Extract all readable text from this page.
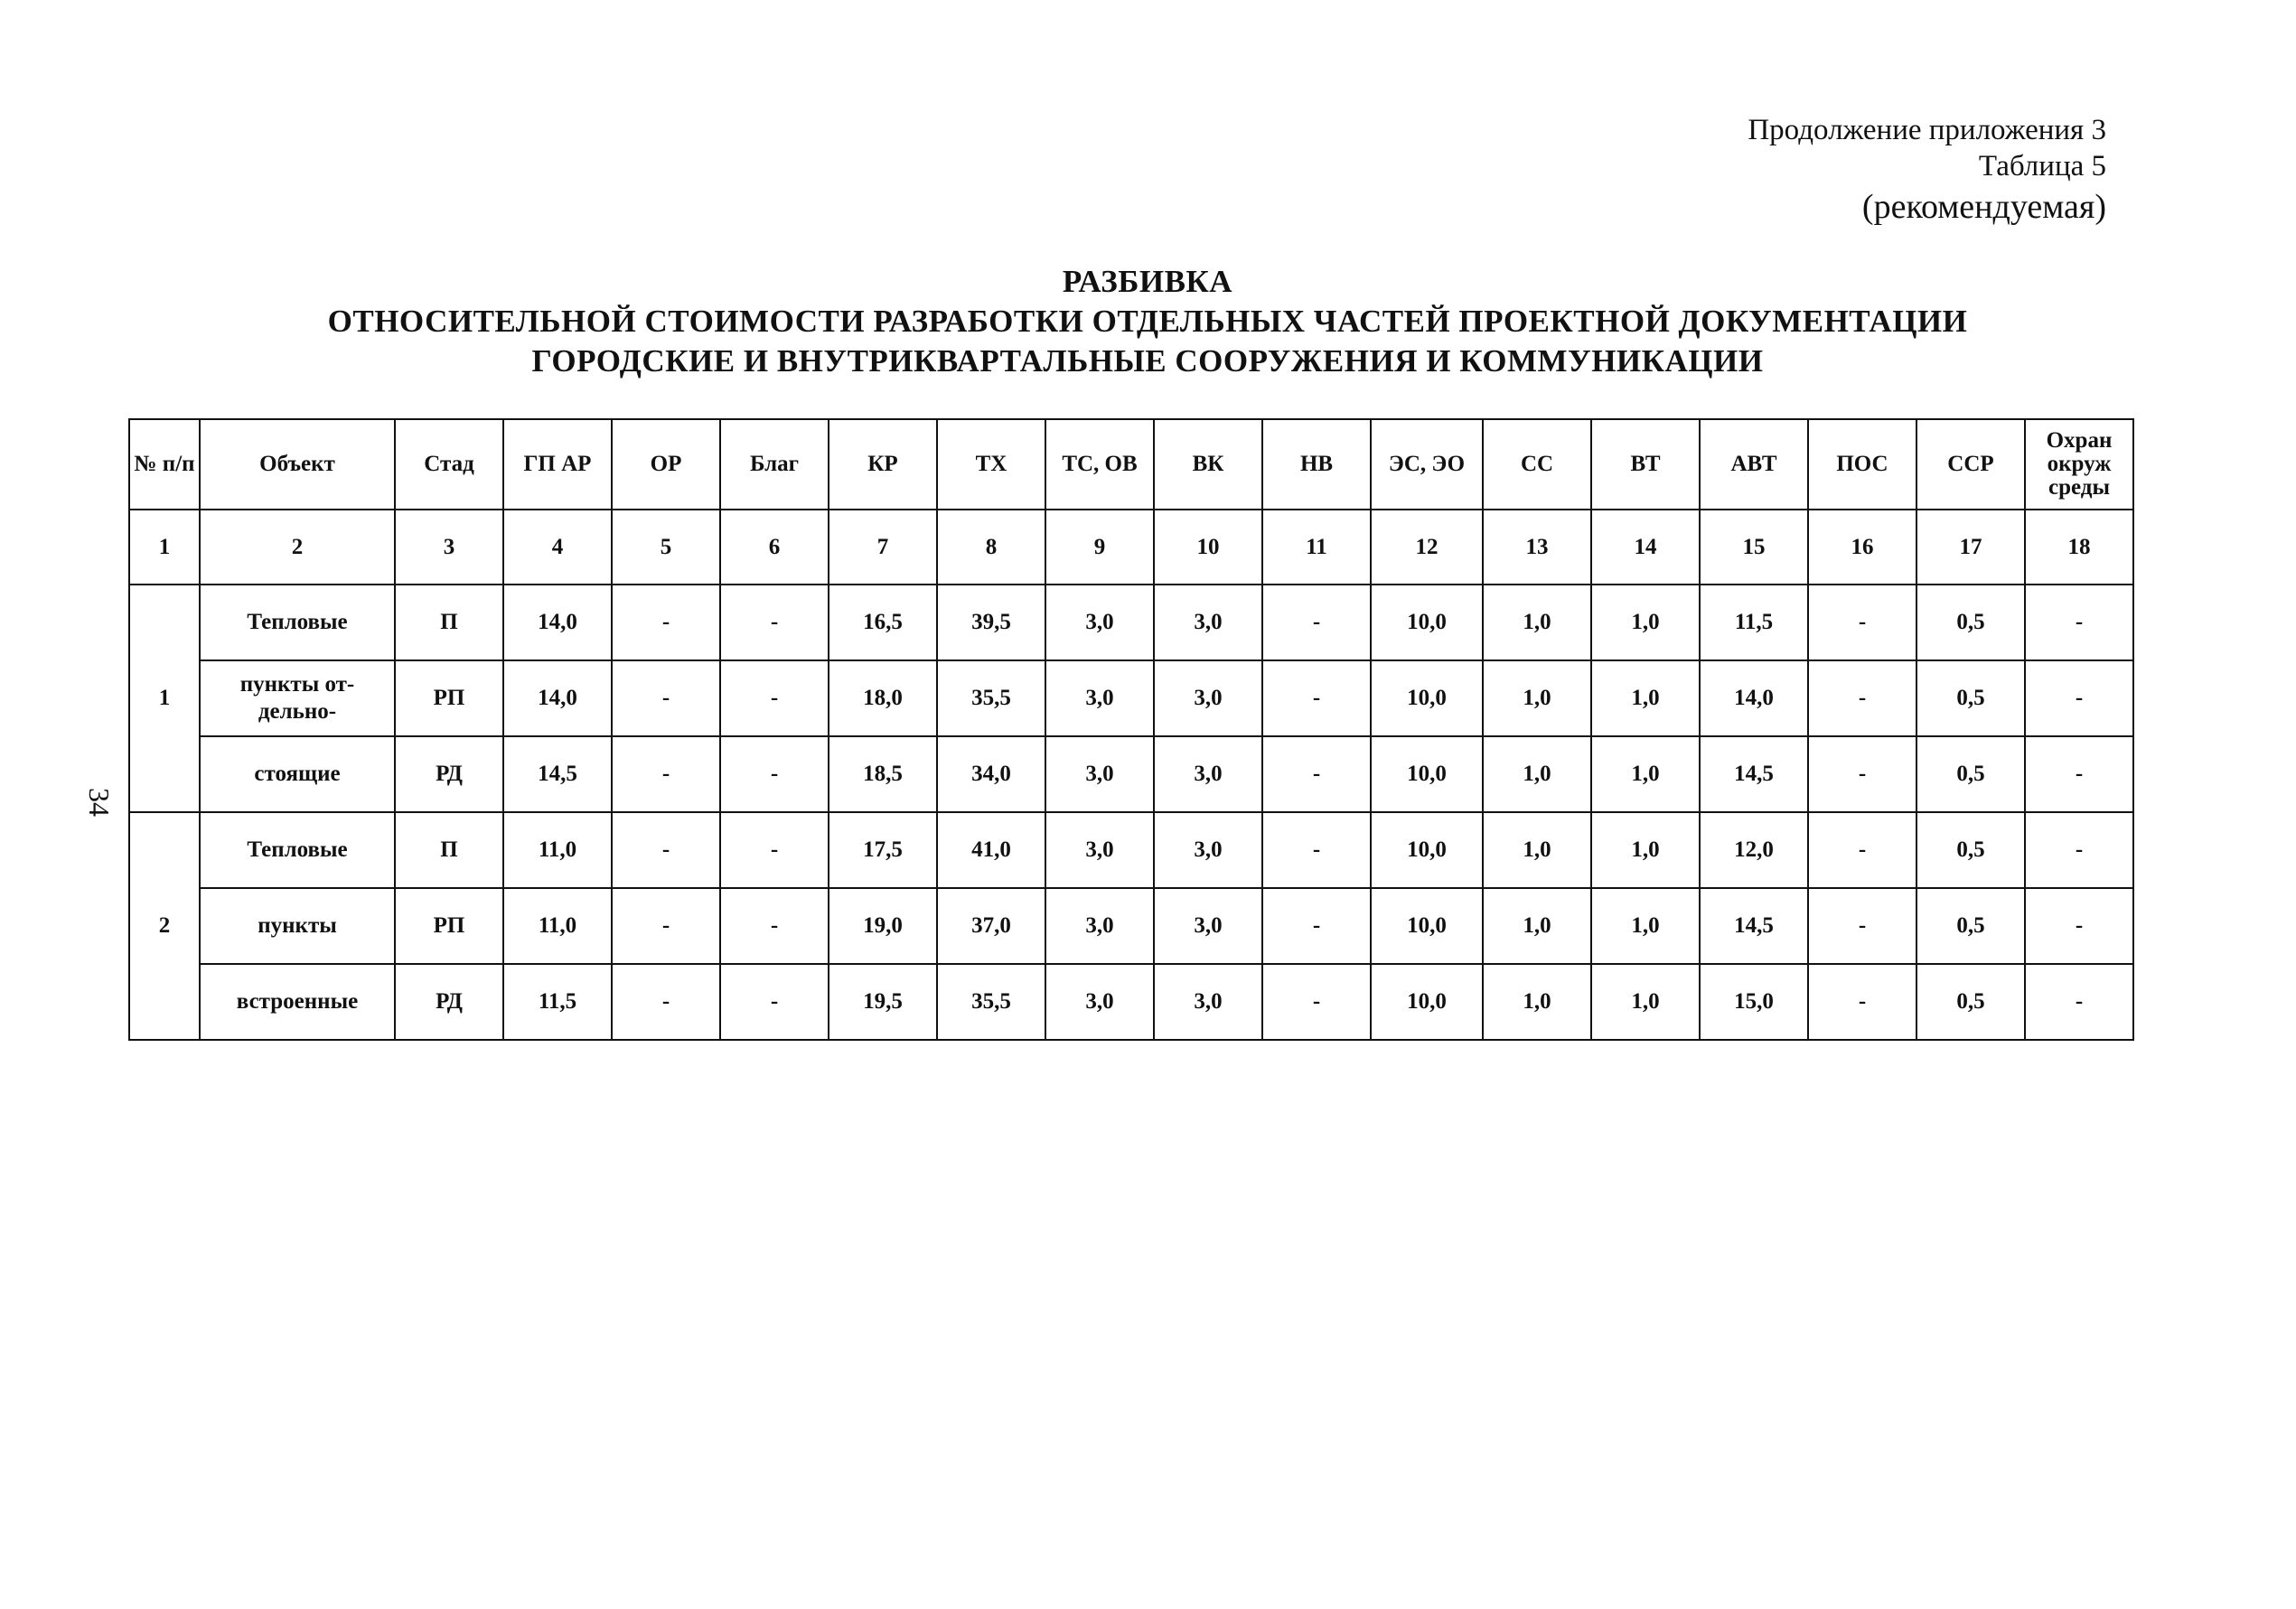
Продолжение приложения 3
Таблица 5
(рекомендуемая)
РАЗБИВКА
ОТНОСИТЕЛЬНОЙ СТОИМОСТИ РАЗРАБОТКИ ОТДЕЛЬНЫХ ЧАСТЕЙ ПРОЕКТНОЙ ДОКУМЕНТАЦИИ
ГОРОДСКИЕ И ВНУТРИКВАРТАЛЬНЫЕ СООРУЖЕНИЯ И КОММУНИКАЦИИ
34
№ п/п	Объект	Стад	ГП АР	ОР	Благ	КР	ТХ	ТС, ОВ	ВК	НВ	ЭС, ЭО	СС	ВТ	АВТ	ПОС	ССР	Охран окруж среды
1	2	3	4	5	6	7	8	9	10	11	12	13	14	15	16	17	18
1	Тепловые	П	14,0	-	-	16,5	39,5	3,0	3,0	-	10,0	1,0	1,0	11,5	-	0,5	-
	пункты от-дельно-	РП	14,0	-	-	18,0	35,5	3,0	3,0	-	10,0	1,0	1,0	14,0	-	0,5	-
	стоящие	РД	14,5	-	-	18,5	34,0	3,0	3,0	-	10,0	1,0	1,0	14,5	-	0,5	-
2	Тепловые	П	11,0	-	-	17,5	41,0	3,0	3,0	-	10,0	1,0	1,0	12,0	-	0,5	-
	пункты	РП	11,0	-	-	19,0	37,0	3,0	3,0	-	10,0	1,0	1,0	14,5	-	0,5	-
	встроенные	РД	11,5	-	-	19,5	35,5	3,0	3,0	-	10,0	1,0	1,0	15,0	-	0,5	-
